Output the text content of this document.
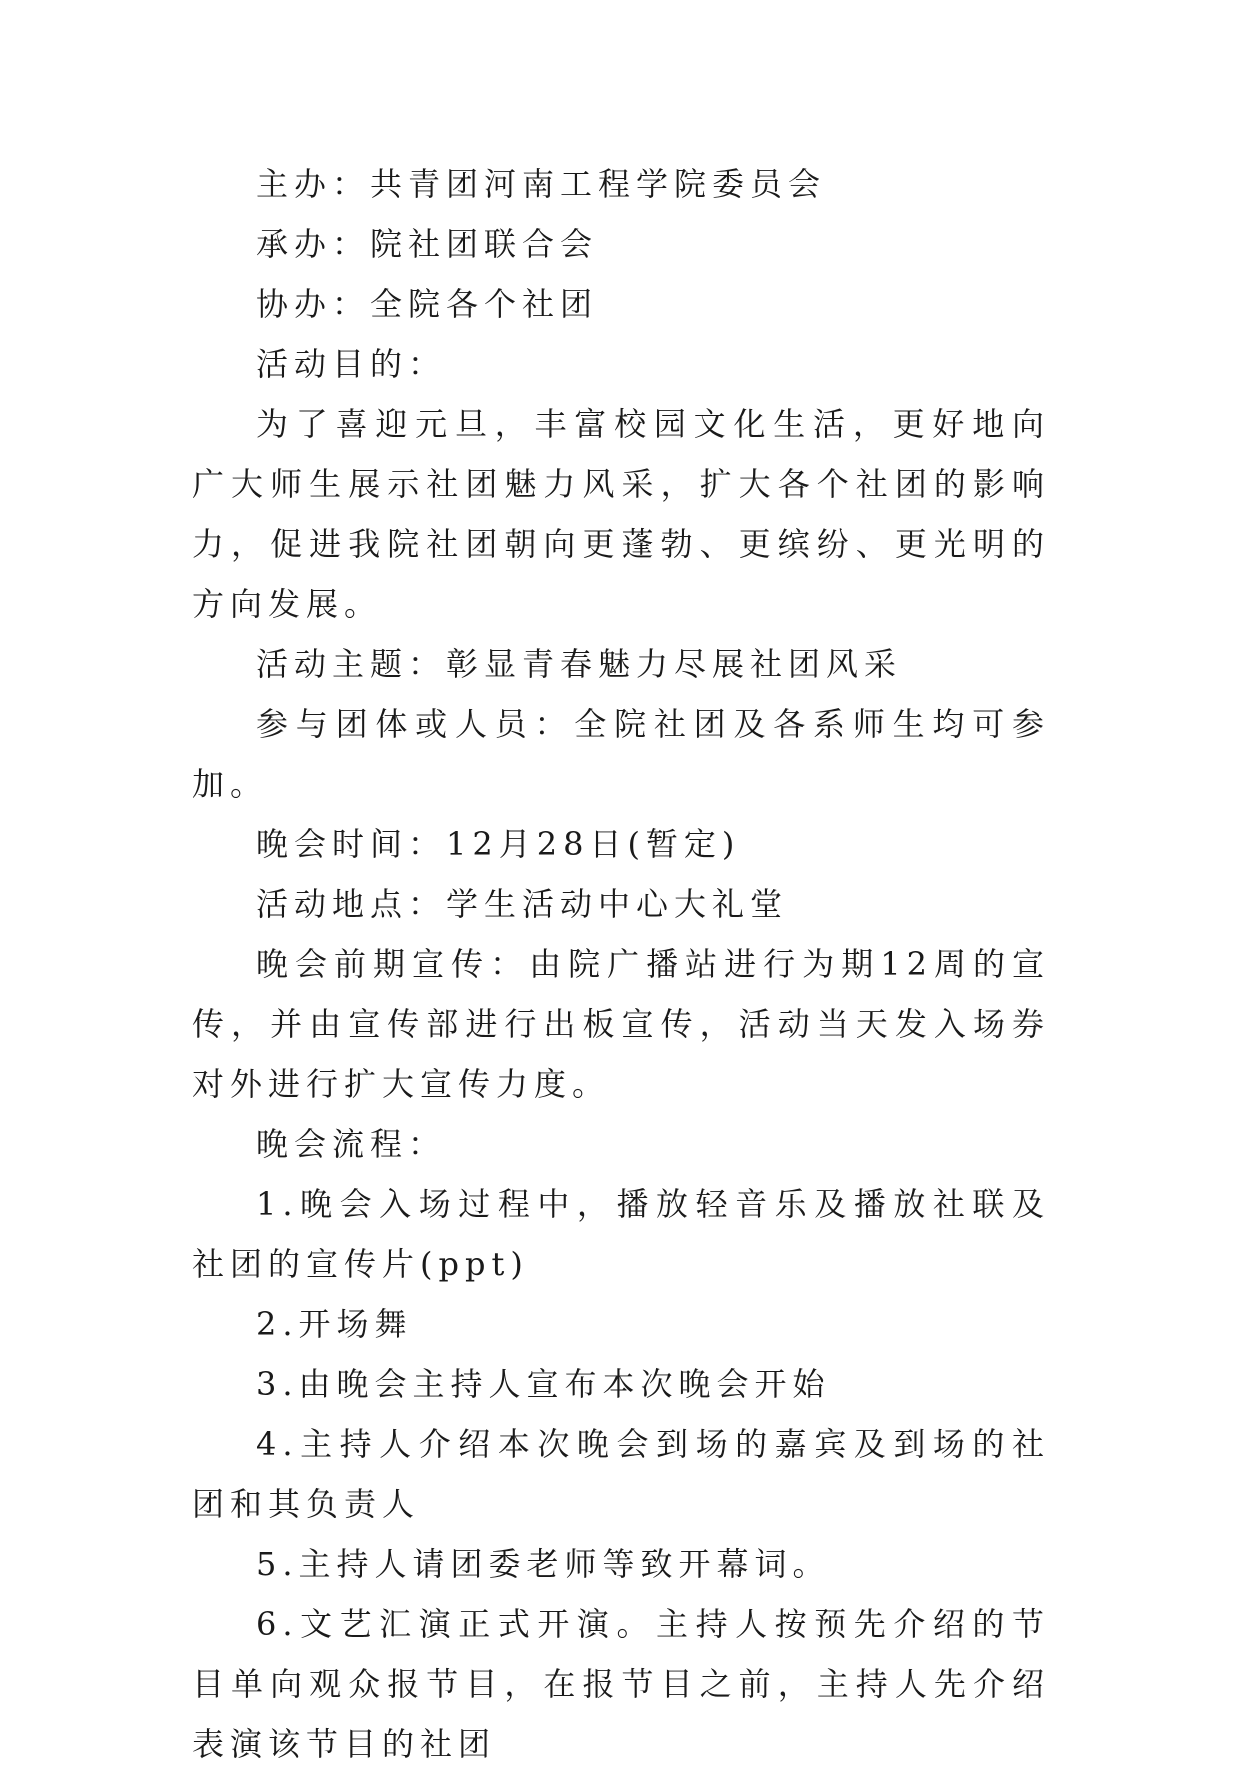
主办：共青团河南工程学院委员会

承办：院社团联合会

协办：全院各个社团

活动目的：

为了喜迎元旦，丰富校园文化生活，更好地向广大师生展示社团魅力风采，扩大各个社团的影响力，促进我院社团朝向更蓬勃、更缤纷、更光明的方向发展。

活动主题：彰显青春魅力尽展社团风采

参与团体或人员：全院社团及各系师生均可参加。

晚会时间：12月28日(暂定)

活动地点：学生活动中心大礼堂

晚会前期宣传：由院广播站进行为期12周的宣传，并由宣传部进行出板宣传，活动当天发入场券对外进行扩大宣传力度。

晚会流程：

1.晚会入场过程中，播放轻音乐及播放社联及社团的宣传片(ppt)

2.开场舞

3.由晚会主持人宣布本次晚会开始

4.主持人介绍本次晚会到场的嘉宾及到场的社团和其负责人

5.主持人请团委老师等致开幕词。

6.文艺汇演正式开演。主持人按预先介绍的节目单向观众报节目，在报节目之前，主持人先介绍表演该节目的社团
